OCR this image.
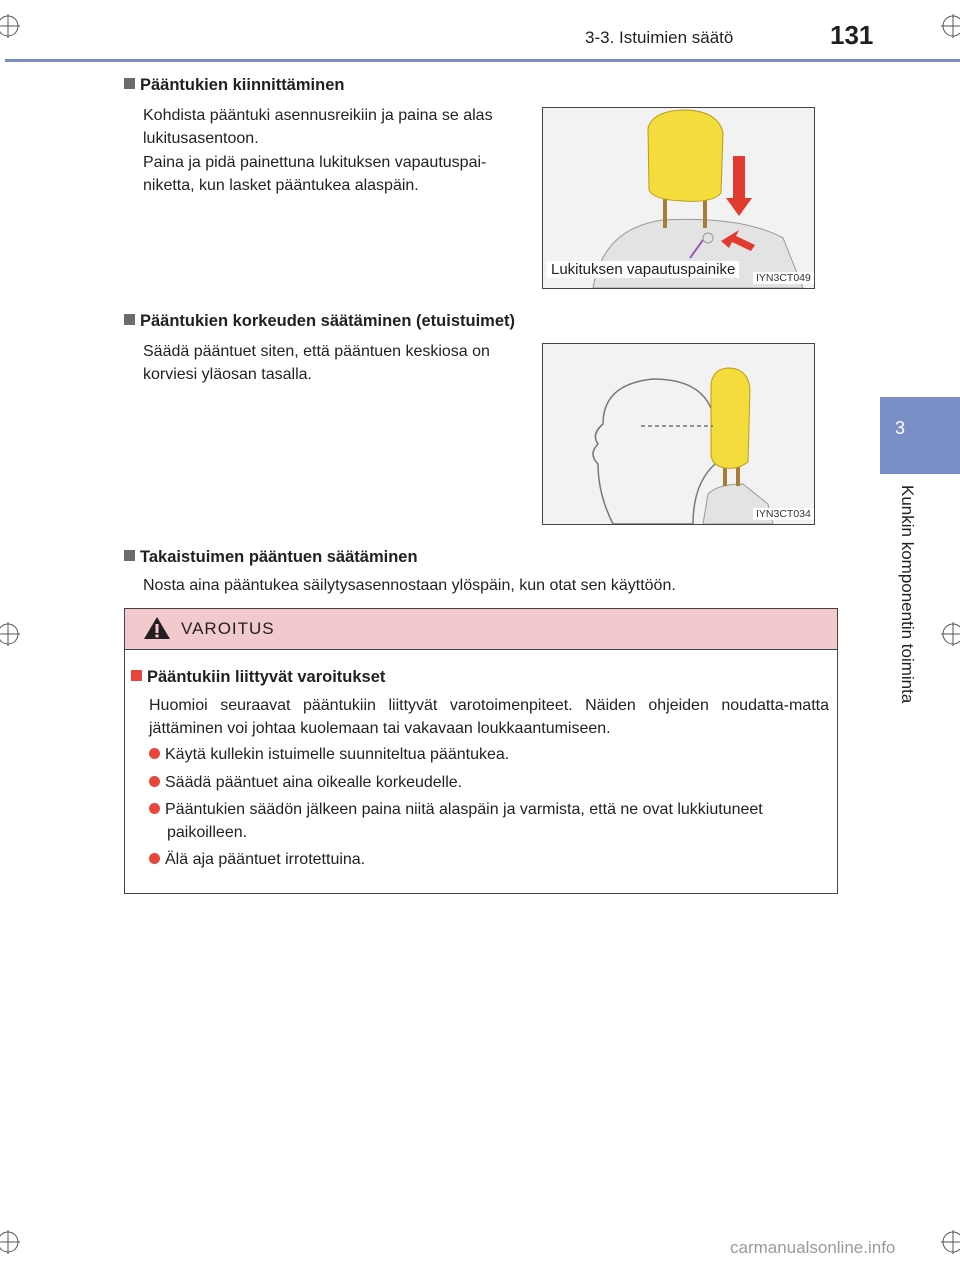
3-3. Istuimien säätö	131
3
Kunkin komponentin toiminta
Pääntukien kiinnittäminen
Kohdista pääntuki asennusreikiin ja paina se alas lukitusasentoon.
Paina ja pidä painettuna lukituksen vapautuspai-niketta, kun lasket pääntukea alaspäin.
Lukituksen vapautuspainike	IYN3CT049
Pääntukien korkeuden säätäminen (etuistuimet)
Säädä pääntuet siten, että pääntuen keskiosa on korviesi yläosan tasalla.
IYN3CT034
Takaistuimen pääntuen säätäminen
Nosta aina pääntukea säilytysasennostaan ylöspäin, kun otat sen käyttöön.
VAROITUS
Pääntukiin liittyvät varoitukset
Huomioi seuraavat pääntukiin liittyvät varotoimenpiteet. Näiden ohjeiden noudatta-matta jättäminen voi johtaa kuolemaan tai vakavaan loukkaantumiseen.
Käytä kullekin istuimelle suunniteltua pääntukea.
Säädä pääntuet aina oikealle korkeudelle.
Pääntukien säädön jälkeen paina niitä alaspäin ja varmista, että ne ovat lukkiutuneet paikoilleen.
Älä aja pääntuet irrotettuina.
carmanualsonline.info
